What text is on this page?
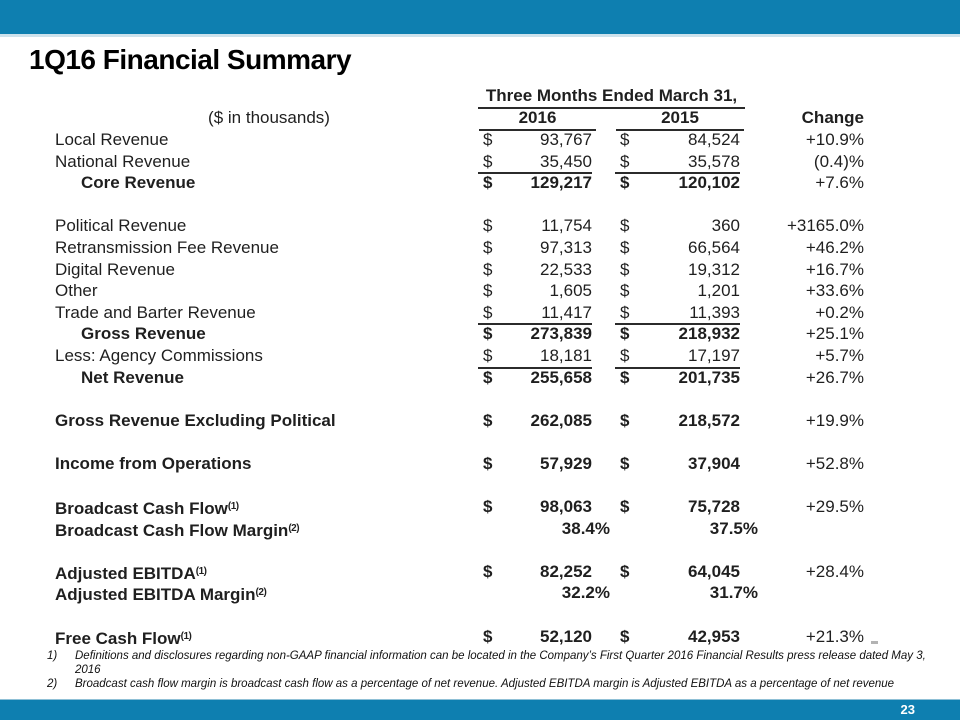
1Q16 Financial Summary
Three Months Ended March 31,
($ in thousands)	2016	2015	Change
Local Revenue	$	93,767 $	84,524	+10.9%
National Revenue	$	35,450 $	35,578	(0.4)%
Core Revenue	$ 129,217 $	120,102	+7.6%
Political Revenue	$	11,754 $	360	+3165.0%
Retransmission Fee Revenue	$	97,313 $	66,564	+46.2%
Digital Revenue	$	22,533 $	19,312	+16.7%
Other	$	1,605 $	1,201	+33.6%
Trade and Barter Revenue	$	11,417 $	11,393	+0.2%
Gross Revenue	$ 273,839 $	218,932	+25.1%
Less: Agency Commissions	$	18,181 $	17,197	+5.7%
Net Revenue	$ 255,658 $	201,735	+26.7%
Gross Revenue Excluding Political	$ 262,085 $	218,572	+19.9%
Income from Operations	$	57,929 $	37,904	+52.8%
Broadcast Cash Flow$^{(1)}$	$	98,063 $	75,728	+29.5%
Broadcast Cash Flow Margin$^{(2)}$	38.4%	37.5%
Adjusted EBITDA$^{(1)}$	$	82,252 $	64,045	+28.4%
Adjusted EBITDA Margin$^{(2)}$	32.2%	31.7%
Free Cash Flow$^{(1)}$	$	52,120 $	42,953	+21.3%
1)	Definitions and disclosures regarding non-GAAP financial information can be located in the Company’s First Quarter 2016 Financial Results press release dated May 3, 2016
2)	Broadcast cash flow margin is broadcast cash flow as a percentage of net revenue. Adjusted EBITDA margin is Adjusted EBITDA as a percentage of net revenue
23
